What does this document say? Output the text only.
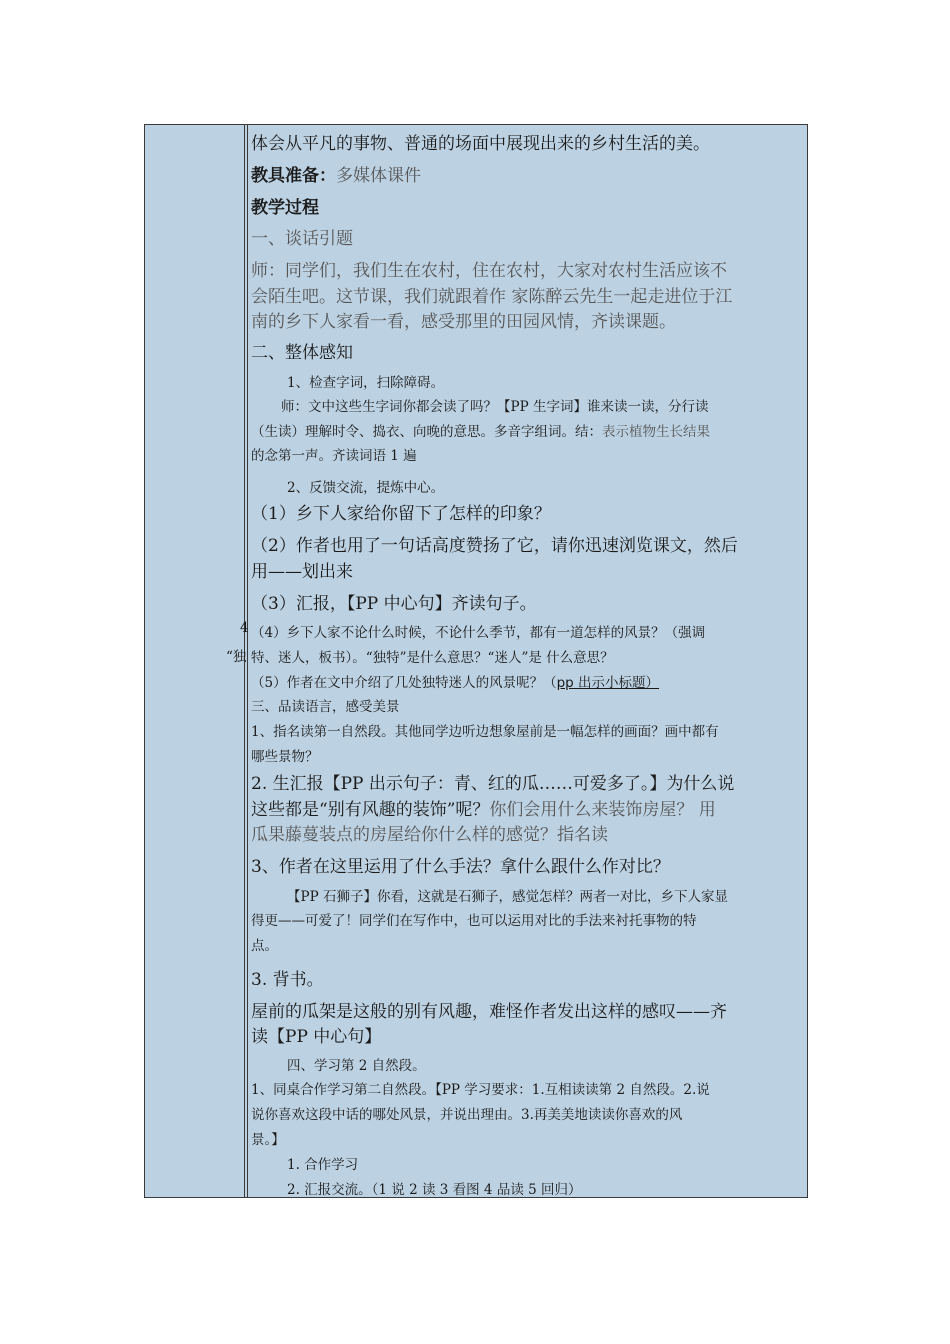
体会从平凡的事物、普通的场面中展现出来的乡村生活的美。
教具准备：多媒体课件
教学过程
一、谈话引题
师：同学们，我们生在农村，住在农村，大家对农村生活应该不
会陌生吧。这节课，我们就跟着作 家陈醉云先生一起走进位于江
南的乡下人家看一看，感受那里的田园风情，齐读课题。
二、整体感知
1、检查字词，扫除障碍。
师：文中这些生字词你都会读了吗？【PP 生字词】谁来读一读，分行读
（生读）理解时令、捣衣、向晚的意思。多音字组词。结：表示植物生长结果
的念第一声。齐读词语 1 遍
2、反馈交流，提炼中心。
（1）乡下人家给你留下了怎样的印象？
（2）作者也用了一句话高度赞扬了它，请你迅速浏览课文，然后
用——划出来
（3）汇报，【PP 中心句】齐读句子。
（4）乡下人家不论什么时候，不论什么季节，都有一道怎样的风景？（强调
特、迷人，板书）。“独特”是什么意思？“迷人”是 什么意思？
（5）作者在文中介绍了几处独特迷人的风景呢？（pp 出示小标题）
三、品读语言，感受美景
1、指名读第一自然段。其他同学边听边想象屋前是一幅怎样的画面？画中都有
哪些景物？
2. 生汇报【PP 出示句子：青、红的瓜……可爱多了。】为什么说
这些都是“别有风趣的装饰”呢？你们会用什么来装饰房屋？ 用
瓜果藤蔓装点的房屋给你什么样的感觉？指名读
3、作者在这里运用了什么手法？拿什么跟什么作对比？
【PP 石狮子】你看，这就是石狮子，感觉怎样？两者一对比，乡下人家显
得更——可爱了！同学们在写作中，也可以运用对比的手法来衬托事物的特
点。
3. 背书。
屋前的瓜架是这般的别有风趣，难怪作者发出这样的感叹——齐
读【PP 中心句】
四、学习第 2 自然段。
1、同桌合作学习第二自然段。【PP 学习要求：1.互相读读第 2 自然段。2.说
说你喜欢这段中话的哪处风景，并说出理由。3.再美美地读读你喜欢的风
景。】
1. 合作学习
2. 汇报交流。（1 说 2 读 3 看图 4 品读 5 回归）
4
“独
